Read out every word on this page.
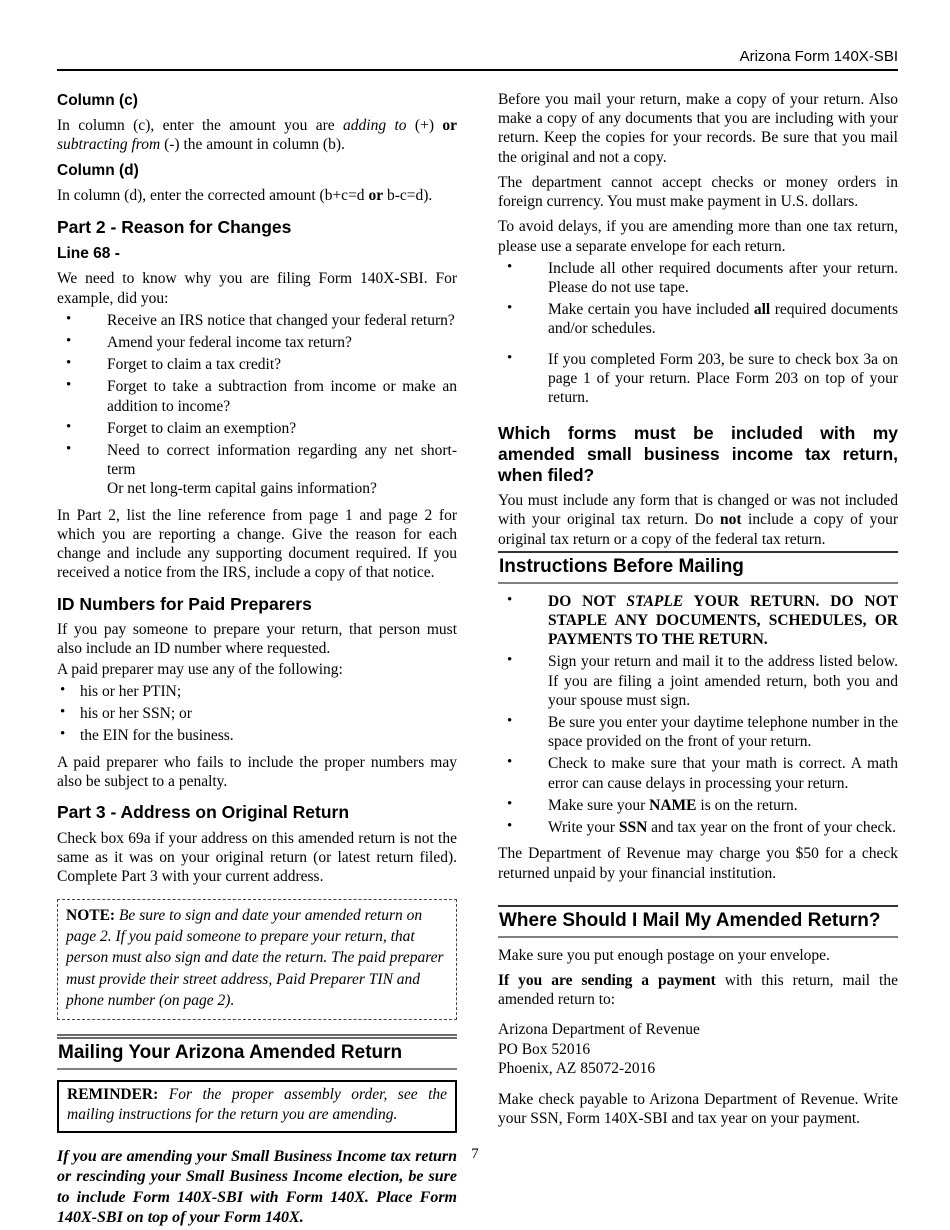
Arizona Form 140X-SBI
Column (c)

In column (c), enter the amount you are adding to (+) or subtracting from (-) the amount in column (b).

Column (d)

In column (d), enter the corrected amount (b+c=d or b-c=d).

Part 2 - Reason for Changes
Line 68 -

We need to know why you are filing Form 140X-SBI. For example, did you:

• Receive an IRS notice that changed your federal return?
• Amend your federal income tax return?
• Forget to claim a tax credit?
• Forget to take a subtraction from income or make an addition to income?
• Forget to claim an exemption?
• Need to correct information regarding any net short-term
Or net long-term capital gains information?

In Part 2, list the line reference from page 1 and page 2 for which you are reporting a change. Give the reason for each change and include any supporting document required. If you received a notice from the IRS, include a copy of that notice.

ID Numbers for Paid Preparers

If you pay someone to prepare your return, that person must also include an ID number where requested.

A paid preparer may use any of the following:

• his or her PTIN;
• his or her SSN; or
• the EIN for the business.

A paid preparer who fails to include the proper numbers may also be subject to a penalty.

Part 3 - Address on Original Return

Check box 69a if your address on this amended return is not the same as it was on your original return (or latest return filed). Complete Part 3 with your current address.

NOTE: Be sure to sign and date your amended return on page 2. If you paid someone to prepare your return, that person must also sign and date the return. The paid preparer must provide their street address, Paid Preparer TIN and phone number (on page 2).
Mailing Your Arizona Amended Return
REMINDER: For the proper assembly order, see the mailing instructions for the return you are amending.

If you are amending your Small Business Income tax return or rescinding your Small Business Income election, be sure to include Form 140X-SBI with Form 140X. Place Form 140X-SBI on top of your Form 140X.

Before you mail your return, make a copy of your return. Also make a copy of any documents that you are including with your return. Keep the copies for your records. Be sure that you mail the original and not a copy.

The department cannot accept checks or money orders in foreign currency. You must make payment in U.S. dollars.

To avoid delays, if you are amending more than one tax return, please use a separate envelope for each return.

• Include all other required documents after your return. Please do not use tape.
• Make certain you have included all required documents and/or schedules.
• If you completed Form 203, be sure to check box 3a on page 1 of your return. Place Form 203 on top of your return.
Which forms must be included with my amended small business income tax return, when filed?

You must include any form that is changed or was not included with your original tax return. Do not include a copy of your original tax return or a copy of the federal tax return.

Instructions Before Mailing
• DO NOT STAPLE YOUR RETURN. DO NOT STAPLE ANY DOCUMENTS, SCHEDULES, OR PAYMENTS TO THE RETURN.
• Sign your return and mail it to the address listed below. If you are filing a joint amended return, both you and your spouse must sign.
• Be sure you enter your daytime telephone number in the space provided on the front of your return.
• Check to make sure that your math is correct. A math error can cause delays in processing your return.
• Make sure your NAME is on the return.
• Write your SSN and tax year on the front of your check.

The Department of Revenue may charge you $50 for a check returned unpaid by your financial institution.

Where Should I Mail My Amended Return?

Make sure you put enough postage on your envelope.

If you are sending a payment with this return, mail the amended return to:

Arizona Department of Revenue
PO Box 52016
Phoenix, AZ 85072-2016

Make check payable to Arizona Department of Revenue. Write your SSN, Form 140X-SBI and tax year on your payment.

7
